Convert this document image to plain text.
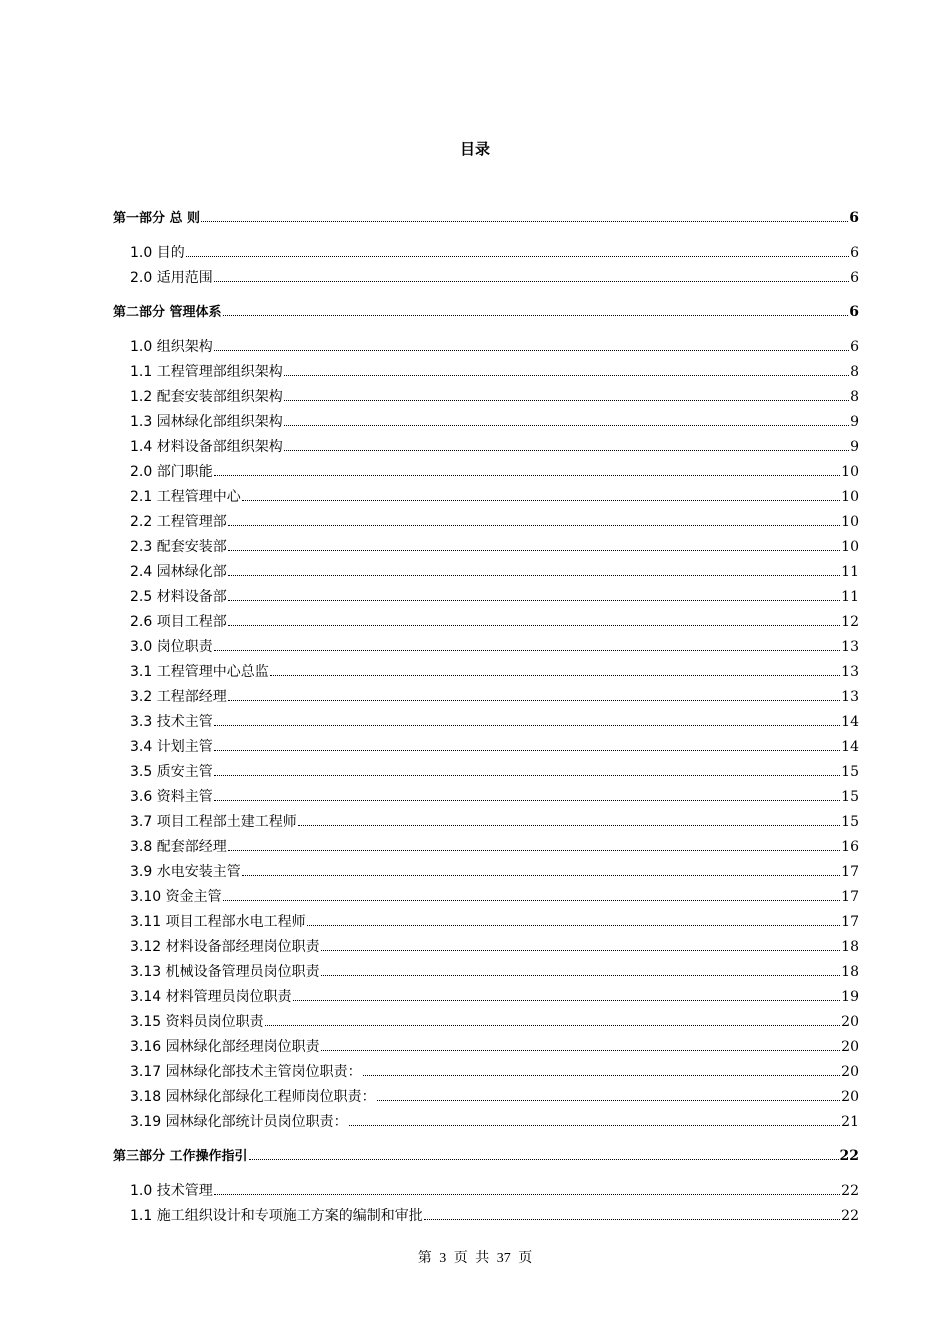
目录
第一部分 总 则	6
1.0 目的	6
2.0 适用范围	6
第二部分 管理体系	6
1.0 组织架构	6
1.1 工程管理部组织架构	8
1.2 配套安装部组织架构	8
1.3 园林绿化部组织架构	9
1.4 材料设备部组织架构	9
2.0 部门职能	10
2.1 工程管理中心	10
2.2 工程管理部	10
2.3 配套安装部	10
2.4 园林绿化部	11
2.5 材料设备部	11
2.6 项目工程部	12
3.0 岗位职责	13
3.1 工程管理中心总监	13
3.2 工程部经理	13
3.3 技术主管	14
3.4 计划主管	14
3.5 质安主管	15
3.6 资料主管	15
3.7 项目工程部土建工程师	15
3.8 配套部经理	16
3.9 水电安装主管	17
3.10 资金主管	17
3.11 项目工程部水电工程师	17
3.12 材料设备部经理岗位职责	18
3.13 机械设备管理员岗位职责	18
3.14 材料管理员岗位职责	19
3.15 资料员岗位职责	20
3.16 园林绿化部经理岗位职责	20
3.17 园林绿化部技术主管岗位职责：	20
3.18 园林绿化部绿化工程师岗位职责：	20
3.19 园林绿化部统计员岗位职责：	21
第三部分 工作操作指引	22
1.0 技术管理	22
1.1 施工组织设计和专项施工方案的编制和审批	22
第 3 页 共 37 页
